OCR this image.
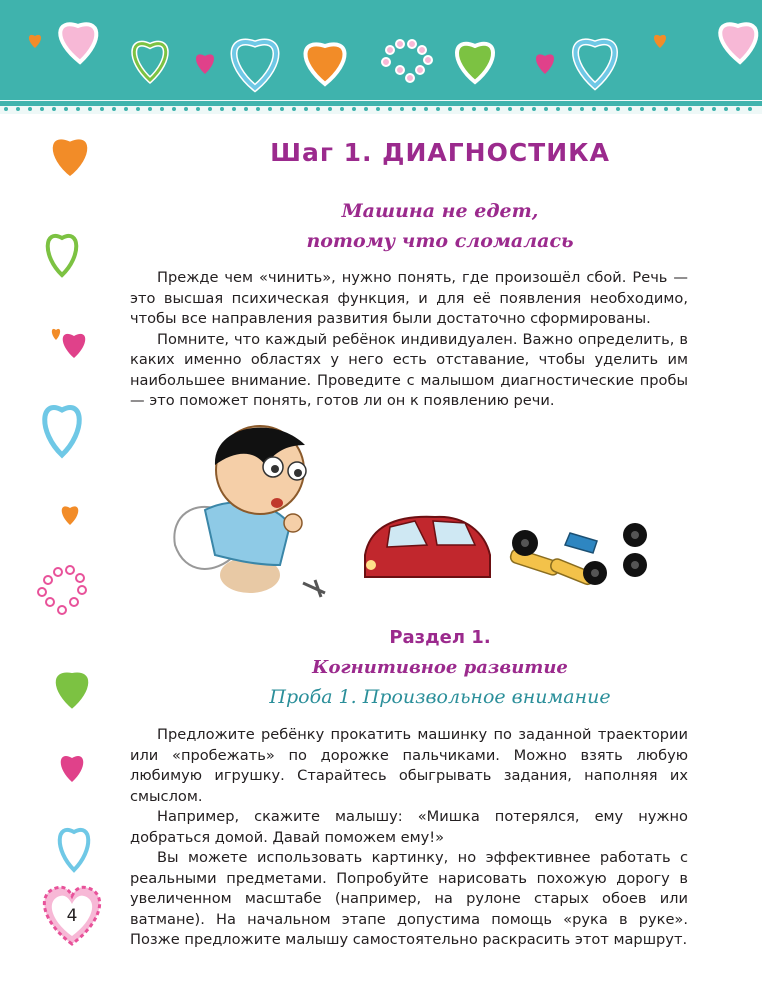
Шаг 1. ДИАГНОСТИКА
Машина не едет,
потому что сломалась

Прежде чем «чинить», нужно понять, где произошёл сбой. Речь — это высшая психическая функция, и для её появления необходимо, чтобы все направления развития были достаточно сформированы.

Помните, что каждый ребёнок индивидуален. Важно определить, в каких именно областях у него есть отставание, чтобы уделить им наибольшее внимание. Проведите с малышом диагностические пробы — это поможет понять, готов ли он к появлению речи.

Раздел 1.
Когнитивное развитие
Проба 1. Произвольное внимание

Предложите ребёнку прокатить машинку по заданной траектории или «пробежать» по дорожке пальчиками. Можно взять любую любимую игрушку. Старайтесь обыгрывать задания, наполняя их смыслом.

Например, скажите малышу: «Мишка потерялся, ему нужно добраться домой. Давай поможем ему!»

Вы можете использовать картинку, но эффективнее работать с реальными предметами. Попробуйте нарисовать похожую дорогу в увеличенном масштабе (например, на рулоне старых обоев или ватмане). На начальном этапе допустима помощь «рука в руке». Позже предложите малышу самостоятельно раскрасить этот маршрут.

4
